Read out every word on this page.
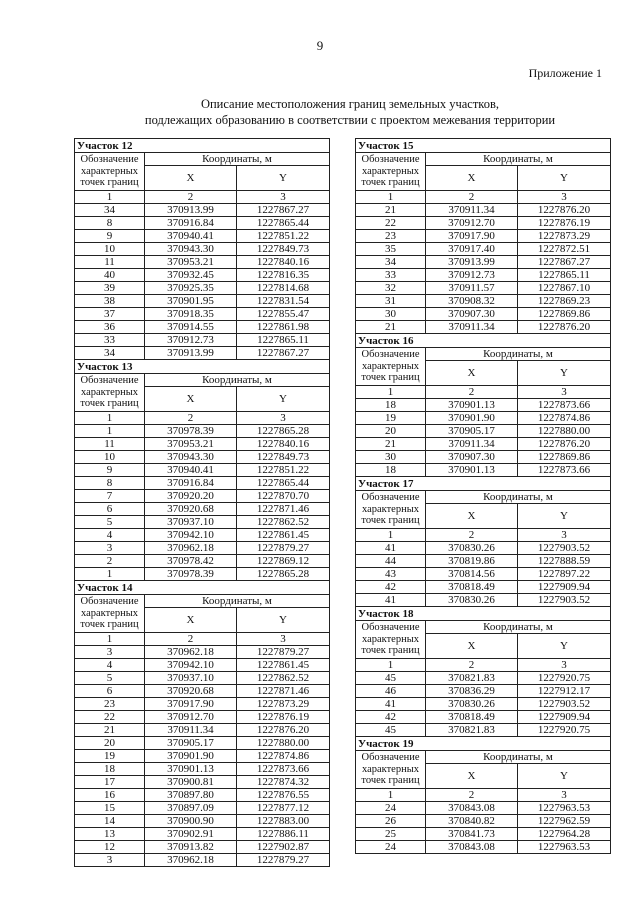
9
Приложение 1
Описание местоположения границ земельных участков,
подлежащих образованию в соответствии с проектом межевания территории
Участок 12		
Обозначение характерных точек границ	Координаты, м	
	X	Y
1	2	3
34	370913.99	1227867.27
8	370916.84	1227865.44
9	370940.41	1227851.22
10	370943.30	1227849.73
11	370953.21	1227840.16
40	370932.45	1227816.35
39	370925.35	1227814.68
38	370901.95	1227831.54
37	370918.35	1227855.47
36	370914.55	1227861.98
33	370912.73	1227865.11
34	370913.99	1227867.27
Участок 13		
Обозначение характерных точек границ	Координаты, м	
	X	Y
1	2	3
1	370978.39	1227865.28
11	370953.21	1227840.16
10	370943.30	1227849.73
9	370940.41	1227851.22
8	370916.84	1227865.44
7	370920.20	1227870.70
6	370920.68	1227871.46
5	370937.10	1227862.52
4	370942.10	1227861.45
3	370962.18	1227879.27
2	370978.42	1227869.12
1	370978.39	1227865.28
Участок 14		
Обозначение характерных точек границ	Координаты, м	
	X	Y
1	2	3
3	370962.18	1227879.27
4	370942.10	1227861.45
5	370937.10	1227862.52
6	370920.68	1227871.46
23	370917.90	1227873.29
22	370912.70	1227876.19
21	370911.34	1227876.20
20	370905.17	1227880.00
19	370901.90	1227874.86
18	370901.13	1227873.66
17	370900.81	1227874.32
16	370897.80	1227876.55
15	370897.09	1227877.12
14	370900.90	1227883.00
13	370902.91	1227886.11
12	370913.82	1227902.87
3	370962.18	1227879.27
Участок 15		
Обозначение характерных точек границ	Координаты, м	
	X	Y
1	2	3
21	370911.34	1227876.20
22	370912.70	1227876.19
23	370917.90	1227873.29
35	370917.40	1227872.51
34	370913.99	1227867.27
33	370912.73	1227865.11
32	370911.57	1227867.10
31	370908.32	1227869.23
30	370907.30	1227869.86
21	370911.34	1227876.20
Участок 16		
Обозначение характерных точек границ	Координаты, м	
	X	Y
1	2	3
18	370901.13	1227873.66
19	370901.90	1227874.86
20	370905.17	1227880.00
21	370911.34	1227876.20
30	370907.30	1227869.86
18	370901.13	1227873.66
Участок 17		
Обозначение характерных точек границ	Координаты, м	
	X	Y
1	2	3
41	370830.26	1227903.52
44	370819.86	1227888.59
43	370814.56	1227897.22
42	370818.49	1227909.94
41	370830.26	1227903.52
Участок 18		
Обозначение характерных точек границ	Координаты, м	
	X	Y
1	2	3
45	370821.83	1227920.75
46	370836.29	1227912.17
41	370830.26	1227903.52
42	370818.49	1227909.94
45	370821.83	1227920.75
Участок 19		
Обозначение характерных точек границ	Координаты, м	
	X	Y
1	2	3
24	370843.08	1227963.53
26	370840.82	1227962.59
25	370841.73	1227964.28
24	370843.08	1227963.53
